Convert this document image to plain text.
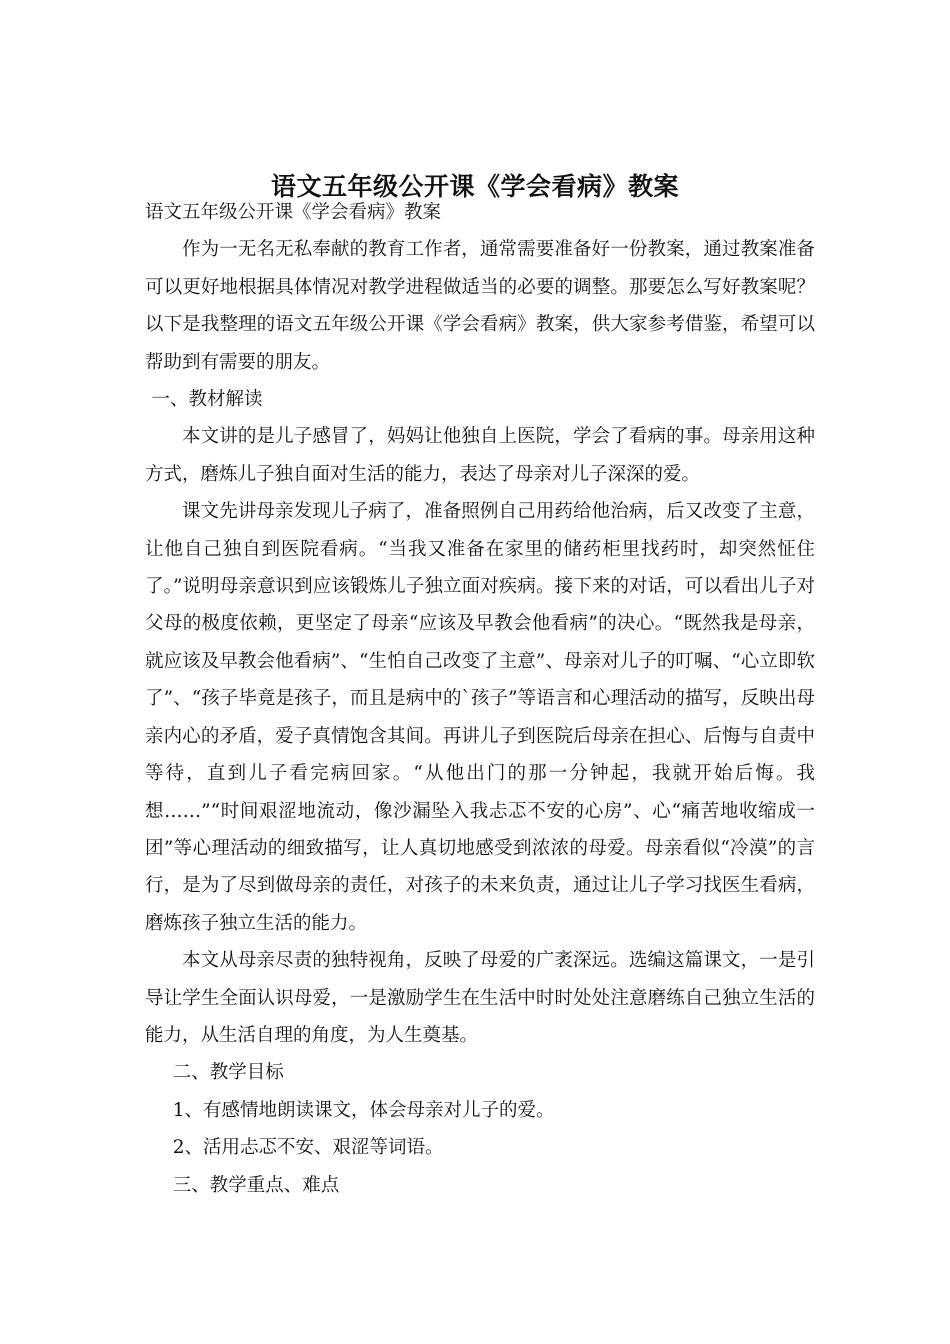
语文五年级公开课《学会看病》教案

语文五年级公开课《学会看病》教案

作为一无名无私奉献的教育工作者，通常需要准备好一份教案，通过教案准备可以更好地根据具体情况对教学进程做适当的必要的调整。那要怎么写好教案呢？以下是我整理的语文五年级公开课《学会看病》教案，供大家参考借鉴，希望可以帮助到有需要的朋友。

一、教材解读

本文讲的是儿子感冒了，妈妈让他独自上医院，学会了看病的事。母亲用这种方式，磨炼儿子独自面对生活的能力，表达了母亲对儿子深深的爱。

课文先讲母亲发现儿子病了，准备照例自己用药给他治病，后又改变了主意，让他自己独自到医院看病。“当我又准备在家里的储药柜里找药时，却突然怔住了。”说明母亲意识到应该锻炼儿子独立面对疾病。接下来的对话，可以看出儿子对父母的极度依赖，更坚定了母亲“应该及早教会他看病”的决心。“既然我是母亲，就应该及早教会他看病”、“生怕自己改变了主意”、母亲对儿子的叮嘱、“心立即软了”、“孩子毕竟是孩子，而且是病中的`孩子”等语言和心理活动的描写，反映出母亲内心的矛盾，爱子真情饱含其间。再讲儿子到医院后母亲在担心、后悔与自责中等待，直到儿子看完病回家。“从他出门的那一分钟起，我就开始后悔。我想……”“时间艰涩地流动，像沙漏坠入我忐忑不安的心房”、心“痛苦地收缩成一团”等心理活动的细致描写，让人真切地感受到浓浓的母爱。母亲看似“冷漠”的言行，是为了尽到做母亲的责任，对孩子的未来负责，通过让儿子学习找医生看病，磨炼孩子独立生活的能力。

本文从母亲尽责的独特视角，反映了母爱的广袤深远。选编这篇课文，一是引导让学生全面认识母爱，一是激励学生在生活中时时处处注意磨练自己独立生活的能力，从生活自理的角度，为人生奠基。

二、教学目标

1、有感情地朗读课文，体会母亲对儿子的爱。

2、活用忐忑不安、艰涩等词语。

三、教学重点、难点
